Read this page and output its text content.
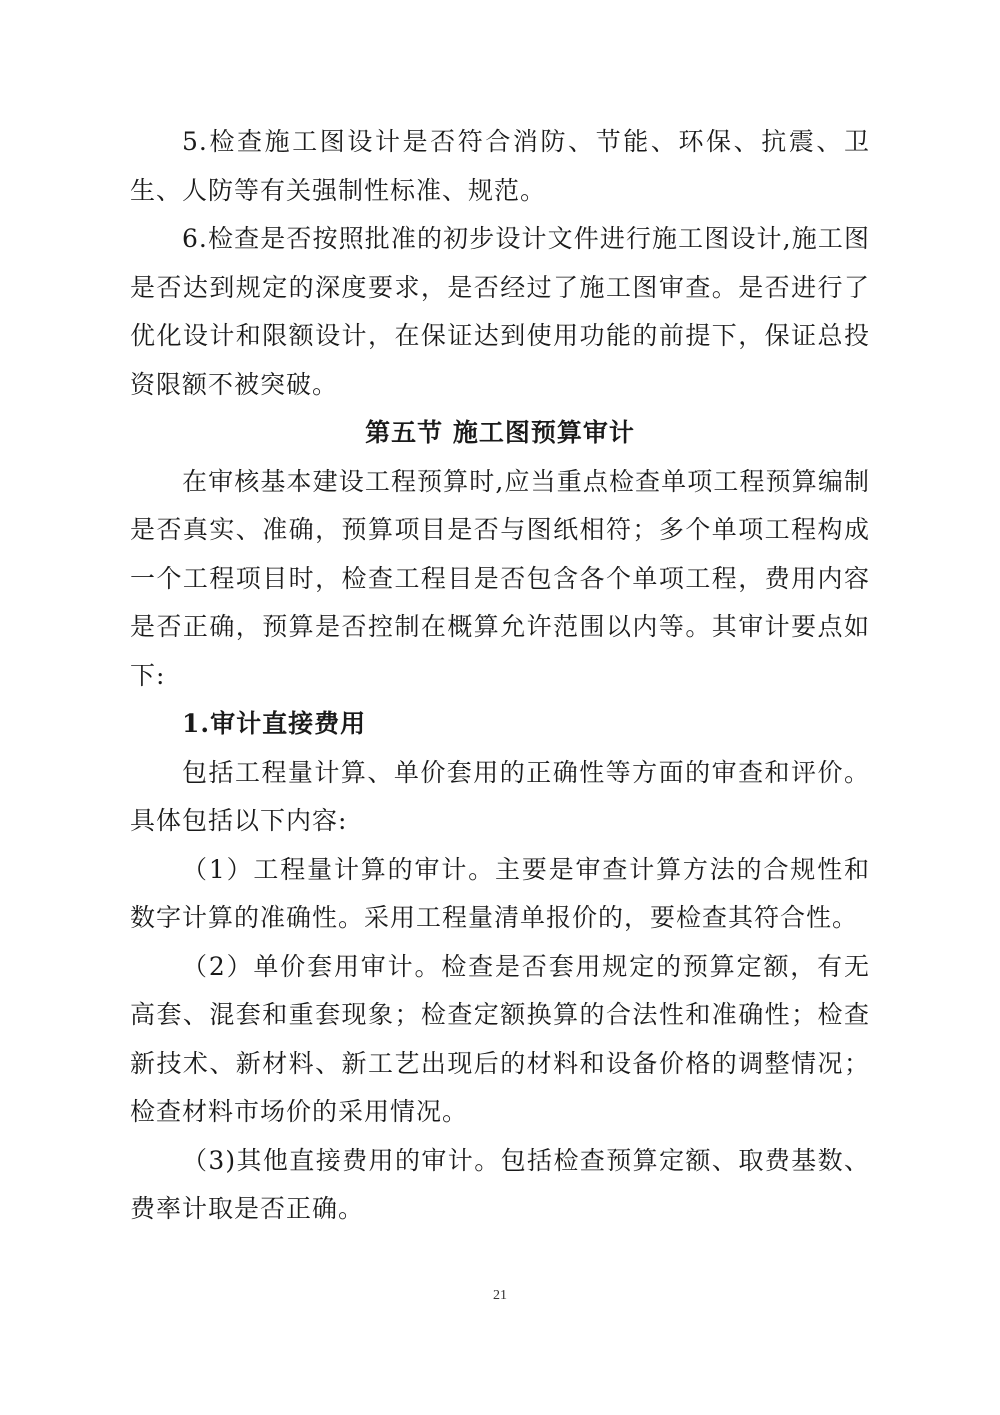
5.检查施工图设计是否符合消防、节能、环保、抗震、卫生、人防等有关强制性标准、规范。

6.检查是否按照批准的初步设计文件进行施工图设计,施工图是否达到规定的深度要求，是否经过了施工图审查。是否进行了优化设计和限额设计，在保证达到使用功能的前提下，保证总投资限额不被突破。

第五节 施工图预算审计

在审核基本建设工程预算时,应当重点检查单项工程预算编制是否真实、准确，预算项目是否与图纸相符；多个单项工程构成一个工程项目时，检查工程目是否包含各个单项工程，费用内容是否正确，预算是否控制在概算允许范围以内等。其审计要点如下:

1.审计直接费用

包括工程量计算、单价套用的正确性等方面的审查和评价。具体包括以下内容:

（1）工程量计算的审计。主要是审查计算方法的合规性和数字计算的准确性。采用工程量清单报价的，要检查其符合性。

（2）单价套用审计。检查是否套用规定的预算定额，有无高套、混套和重套现象；检查定额换算的合法性和准确性；检查新技术、新材料、新工艺出现后的材料和设备价格的调整情况；检查材料市场价的采用情况。

（3)其他直接费用的审计。包括检查预算定额、取费基数、费率计取是否正确。

21
